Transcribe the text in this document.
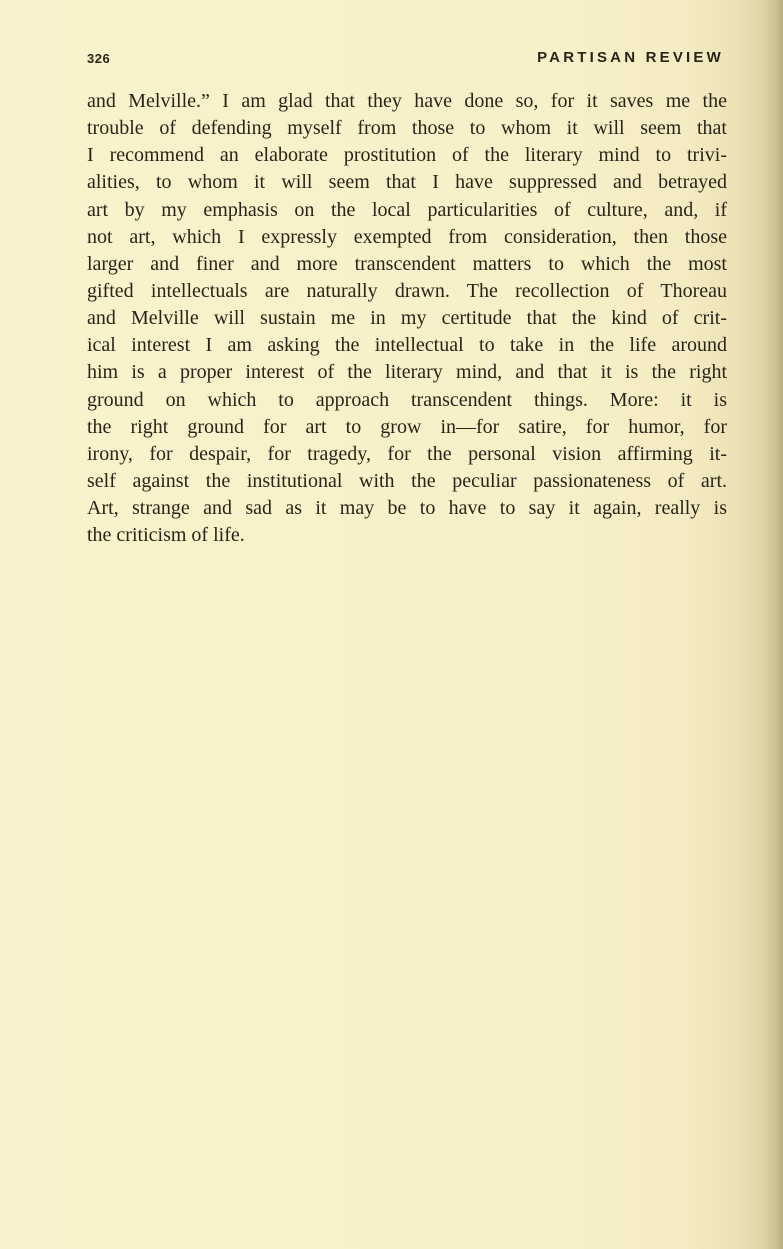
326	PARTISAN REVIEW
and Melville.” I am glad that they have done so, for it saves me the
trouble of defending myself from those to whom it will seem that
I recommend an elaborate prostitution of the literary mind to trivi-
alities, to whom it will seem that I have suppressed and betrayed
art by my emphasis on the local particularities of culture, and, if
not art, which I expressly exempted from consideration, then those
larger and finer and more transcendent matters to which the most
gifted intellectuals are naturally drawn. The recollection of Thoreau
and Melville will sustain me in my certitude that the kind of crit-
ical interest I am asking the intellectual to take in the life around
him is a proper interest of the literary mind, and that it is the right
ground on which to approach transcendent things. More: it is
the right ground for art to grow in—for satire, for humor, for
irony, for despair, for tragedy, for the personal vision affirming it-
self against the institutional with the peculiar passionateness of art.
Art, strange and sad as it may be to have to say it again, really is
the criticism of life.
